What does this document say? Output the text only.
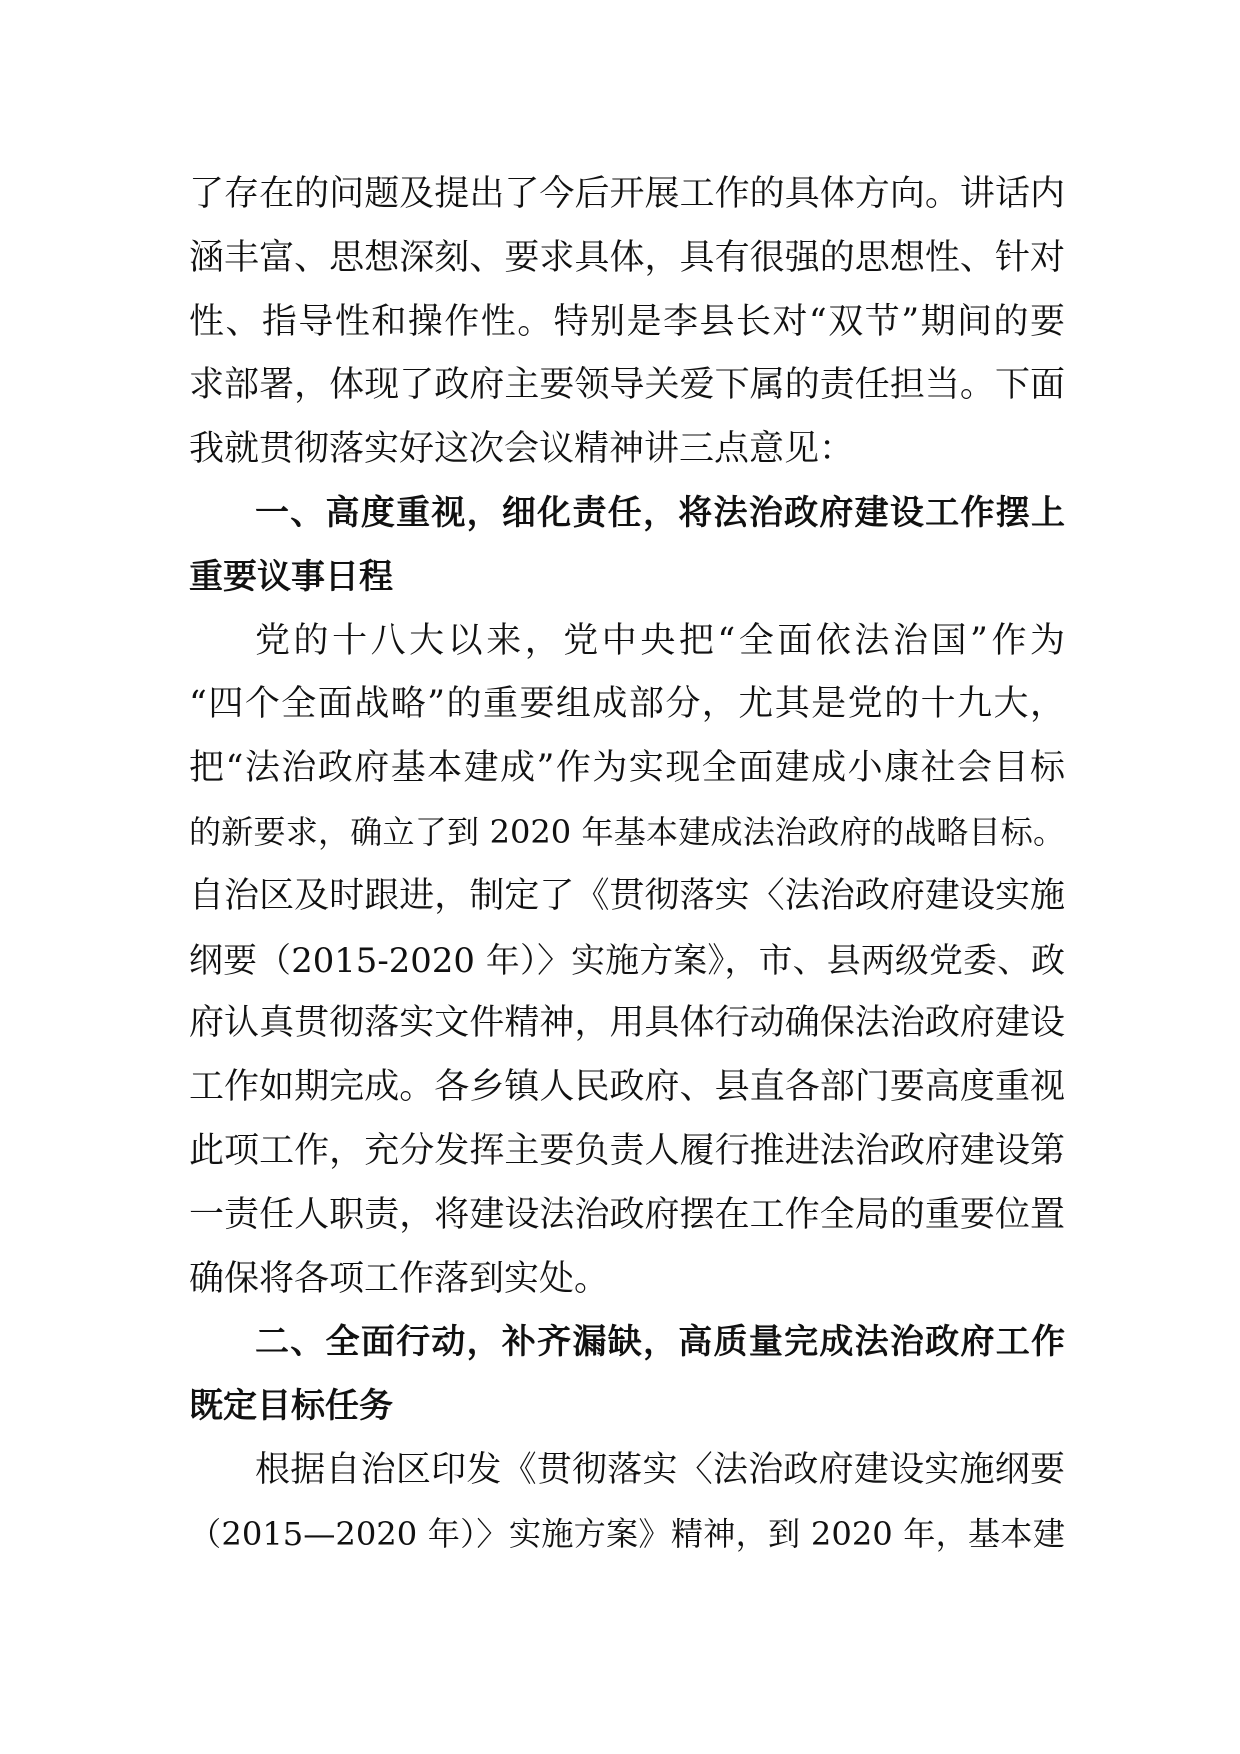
了存在的问题及提出了今后开展工作的具体方向。讲话内
涵丰富、思想深刻、要求具体，具有很强的思想性、针对
性、指导性和操作性。特别是李县长对“双节”期间的要
求部署，体现了政府主要领导关爱下属的责任担当。下面
我就贯彻落实好这次会议精神讲三点意见：
一、高度重视，细化责任，将法治政府建设工作摆上
重要议事日程
党的十八大以来，党中央把“全面依法治国”作为
“四个全面战略”的重要组成部分，尤其是党的十九大，
把“法治政府基本建成”作为实现全面建成小康社会目标
的新要求，确立了到 2020 年基本建成法治政府的战略目标。
自治区及时跟进，制定了《贯彻落实〈法治政府建设实施
纲要（2015-2020 年）〉实施方案》，市、县两级党委、政
府认真贯彻落实文件精神，用具体行动确保法治政府建设
工作如期完成。各乡镇人民政府、县直各部门要高度重视
此项工作，充分发挥主要负责人履行推进法治政府建设第
一责任人职责，将建设法治政府摆在工作全局的重要位置
确保将各项工作落到实处。
二、全面行动，补齐漏缺，高质量完成法治政府工作
既定目标任务
根据自治区印发《贯彻落实〈法治政府建设实施纲要
（2015—2020 年）〉实施方案》精神，到 2020 年，基本建
